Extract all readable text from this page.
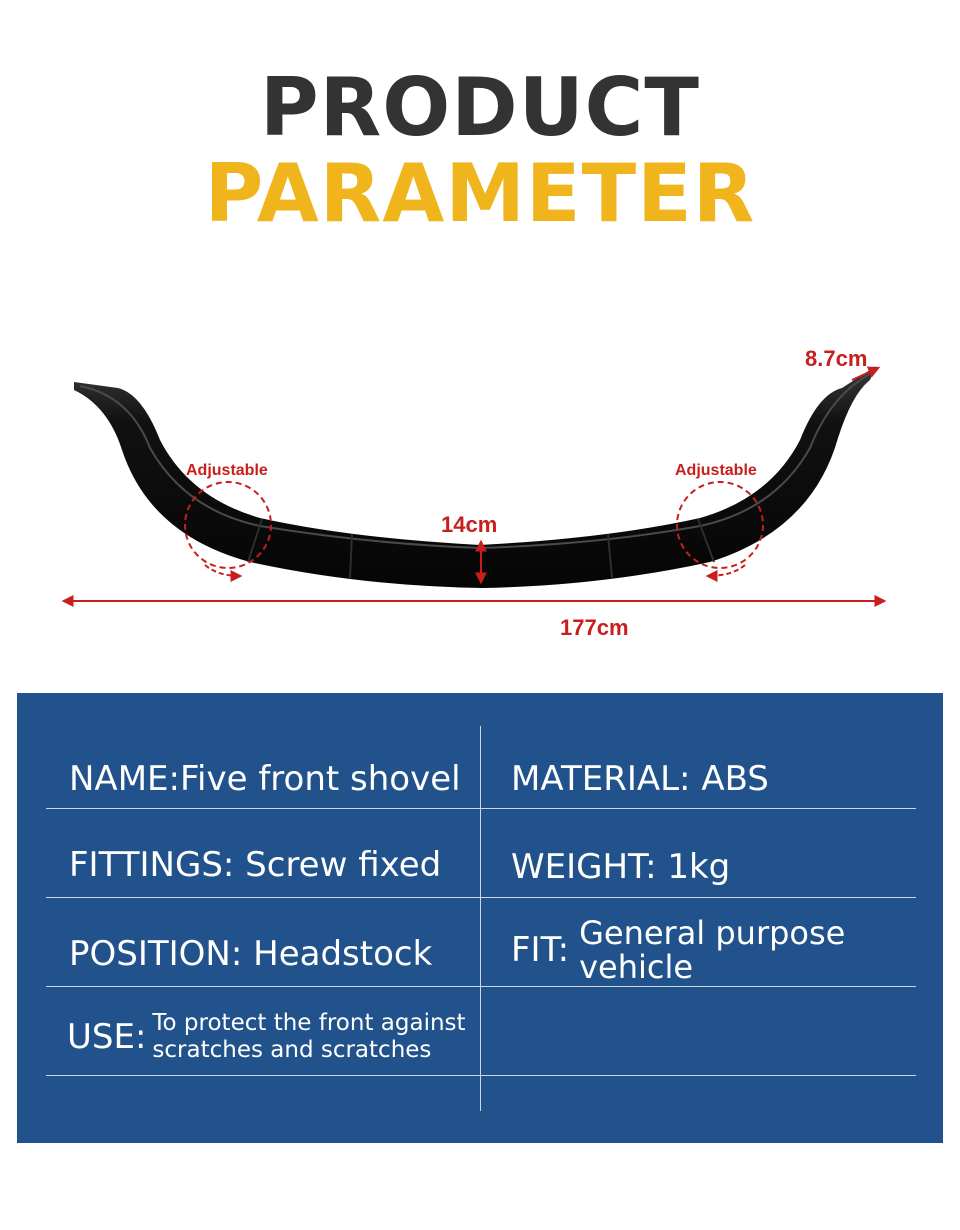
PRODUCT
PARAMETER
Adjustable	Adjustable
14cm
8.7cm
177cm
NAME:Five front shovel MATERIAL: ABS
FITTINGS: Screw fixed WEIGHT: 1kg
POSITION: Headstock FIT: General purpose
vehicle
USE: To protect the front against
scratches and scratches
